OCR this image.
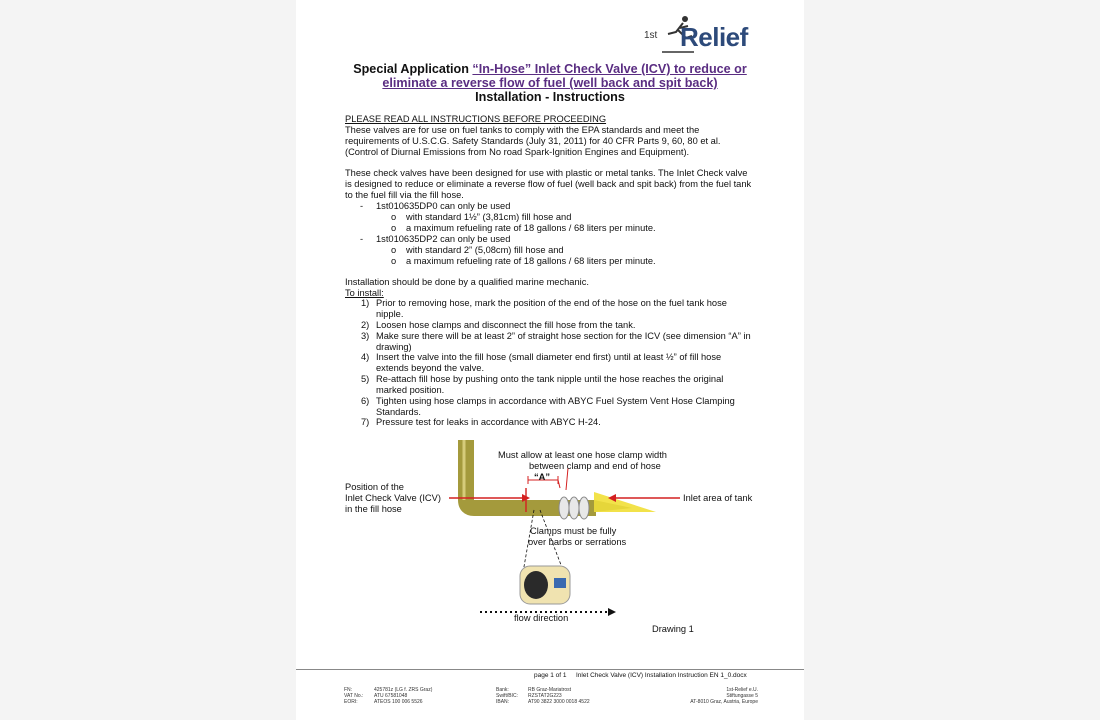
1st Relief
Special Application “In-Hose” Inlet Check Valve (ICV) to reduce or
eliminate a reverse flow of fuel (well back and spit back)
Installation - Instructions
PLEASE READ ALL INSTRUCTIONS BEFORE PROCEEDING
These valves are for use on fuel tanks to comply with the EPA standards and meet the
requirements of U.S.C.G. Safety Standards (July 31, 2011) for 40 CFR Parts 9, 60, 80 et al.
(Control of Diurnal Emissions from No road Spark-Ignition Engines and Equipment).
These check valves have been designed for use with plastic or metal tanks. The Inlet Check valve
is designed to reduce or eliminate a reverse flow of fuel (well back and spit back) from the fuel tank
to the fuel fill via the fill hose.
- 1st010635DP0 can only be used
o with standard 1½” (3,81cm) fill hose and
o a maximum refueling rate of 18 gallons / 68 liters per minute.
- 1st010635DP2 can only be used
o with standard 2” (5,08cm) fill hose and
o a maximum refueling rate of 18 gallons / 68 liters per minute.
Installation should be done by a qualified marine mechanic.
To install:
1) Prior to removing hose, mark the position of the end of the hose on the fuel tank hose
nipple.
2) Loosen hose clamps and disconnect the fill hose from the tank.
3) Make sure there will be at least 2” of straight hose section for the ICV (see dimension “A” in
drawing)
4) Insert the valve into the fill hose (small diameter end first) until at least ½” of fill hose
extends beyond the valve.
5) Re-attach fill hose by pushing onto the tank nipple until the hose reaches the original
marked position.
6) Tighten using hose clamps in accordance with ABYC Fuel System Vent Hose Clamping
Standards.
7) Pressure test for leaks in accordance with ABYC H-24.
Must allow at least one hose clamp width
between clamp and end of hose
“A”
Position of the
Inlet Check Valve (ICV)
in the fill hose
Inlet area of tank
Clamps must be fully
over barbs or serrations
flow direction
Drawing 1
page 1 of 1 Inlet Check Valve (ICV) Installation Instruction EN 1_0.docx
FN:	425781z (LG f. ZRS Graz)
VAT No.: ATU 67581048
EORI:	ATEOS 100 006 5526
Bank:	RB Graz-Mariatrost
Swift/BIC: RZSTAT2G223
IBAN:	AT90 3822 3000 0018 4522
1st-Relief e.U.
Stiftungasse 5
AT-8010 Graz, Austria, Europe
